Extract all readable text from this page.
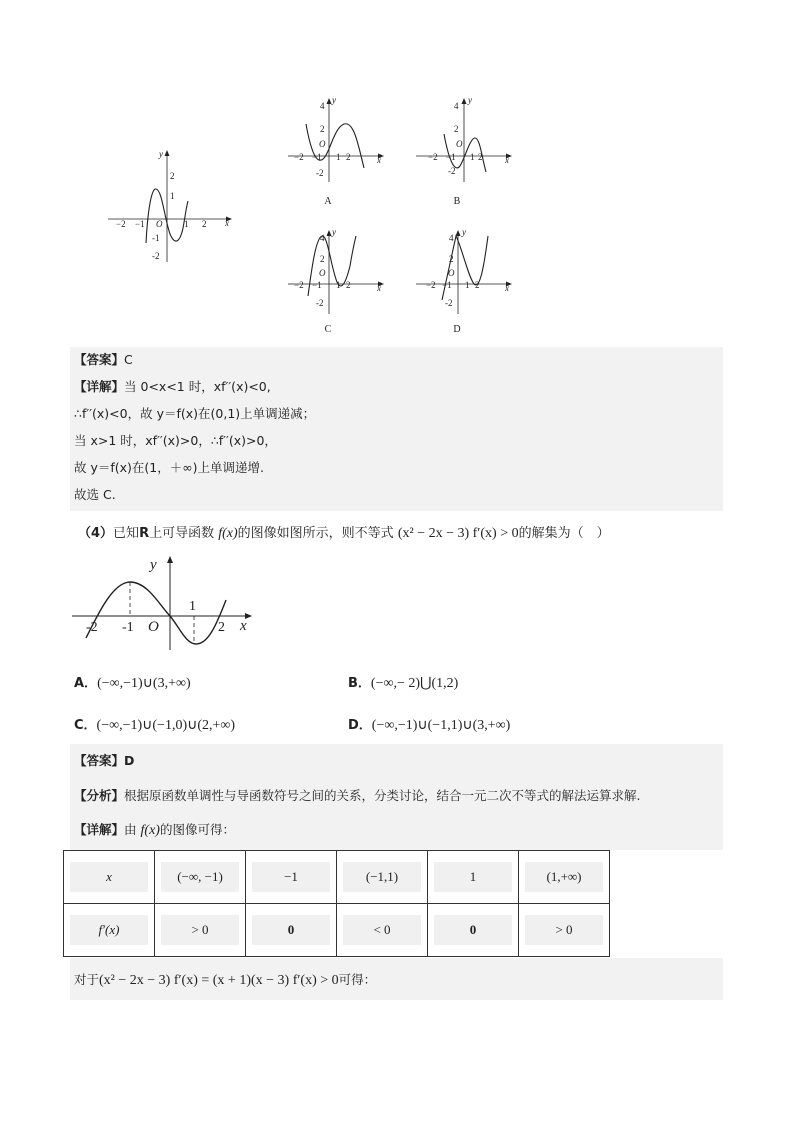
y
x
O
2
1
-1
-2
−2 −1	1 2
y
x
O
4
2
-2
−2 −1 1 2
A
y
x
O
4
2
-2
−2 −1 1 2
B
y
x
O
4
2
-2
−2 −1 1 2
C
y
x
O
4
2
-2
−2 −1 1 2
D
【答案】C
【详解】当 0<x<1 时，xf′′(x)<0,
∴f′′(x)<0，故 y＝f(x)在(0,1)上单调递减；
当 x>1 时，xf′′(x)>0，∴f′′(x)>0，
故 y＝f(x)在(1，＋∞)上单调递增.
故选 C.
（4）已知R上可导函数 f(x)的图像如图所示，则不等式 (x² − 2x − 3) f′(x) > 0的解集为（　）
y
x
O
-2 -1
1
2
A．(−∞,−1)∪(3,+∞)	B．(−∞,− 2)⋃(1,2)
C．(−∞,−1)∪(−1,0)∪(2,+∞)	D．(−∞,−1)∪(−1,1)∪(3,+∞)
【答案】D
【分析】根据原函数单调性与导函数符号之间的关系，分类讨论，结合一元二次不等式的解法运算求解.
【详解】由 f(x)的图像可得：
x	(−∞, −1)	−1	(−1,1)	1	(1,+∞)
f′(x)	> 0	0	< 0	0	> 0
对于(x² − 2x − 3) f′(x) = (x + 1)(x − 3) f′(x) > 0可得：
